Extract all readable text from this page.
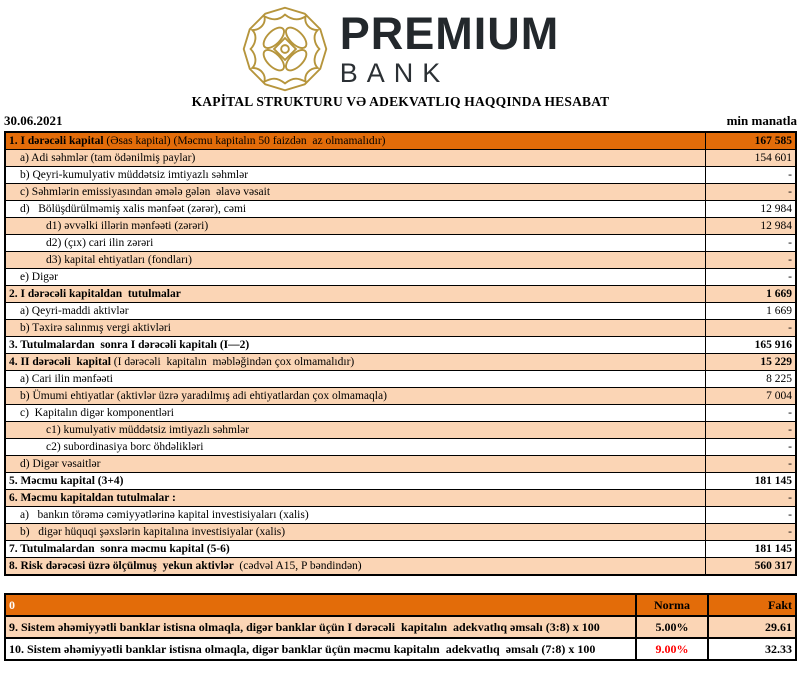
PREMIUM
BANK
KAPİTAL STRUKTURU VƏ ADEKVATLIQ HAQQINDA HESABAT
30.06.2021	min manatla
1. I dərəcəli kapital (Əsas kapital) (Məcmu kapitalın 50 faizdən  az olmamalıdır)	167 585
a) Adi səhmlər (tam ödənilmiş paylar)	154 601
b) Qeyri-kumulyativ müddətsiz imtiyazlı səhmlər	-
c) Səhmlərin emissiyasından əmələ gələn  əlavə vəsait	-
d)   Bölüşdürülməmiş xalis mənfəət (zərər), cəmi	12 984
d1) əvvəlki illərin mənfəəti (zərəri)	12 984
d2) (çıx) cari ilin zərəri	-
d3) kapital ehtiyatları (fondları)	-
e) Digər	-
2. I dərəcəli kapitaldan  tutulmalar	1 669
a) Qeyri-maddi aktivlər	1 669
b) Təxirə salınmış vergi aktivləri	-
3. Tutulmalardan  sonra I dərəcəli kapitalı (I—2)	165 916
4. II dərəcəli  kapital (I dərəcəli  kapitalın  məbləğindən çox olmamalıdır)	15 229
a) Cari ilin mənfəəti	8 225
b) Ümumi ehtiyatlar (aktivlər üzrə yaradılmış adi ehtiyatlardan çox olmamaqla)	7 004
c)  Kapitalın digər komponentləri	-
c1) kumulyativ müddətsiz imtiyazlı səhmlər	-
c2) subordinasiya borc öhdəlikləri	-
d) Digər vəsaitlər	-
5. Məcmu kapital (3+4)	181 145
6. Məcmu kapitaldan tutulmalar :	-
a)   bankın törəmə cəmiyyətlərinə kapital investisiyaları (xalis)	-
b)   digər hüquqi şəxslərin kapitalına investisiyalar (xalis)	-
7. Tutulmalardan  sonra məcmu kapital (5-6)	181 145
8. Risk dərəcəsi üzrə ölçülmuş  yekun aktivlər  (cədvəl A15, P bəndindən)	560 317
0	Norma	Fakt
9. Sistem əhəmiyyətli banklar istisna olmaqla, digər banklar üçün I dərəcəli  kapitalın  adekvatlıq əmsalı (3:8) x 100	5.00%	29.61
10. Sistem əhəmiyyətli banklar istisna olmaqla, digər banklar üçün məcmu kapitalın  adekvatlıq  əmsalı (7:8) x 100	9.00%	32.33
